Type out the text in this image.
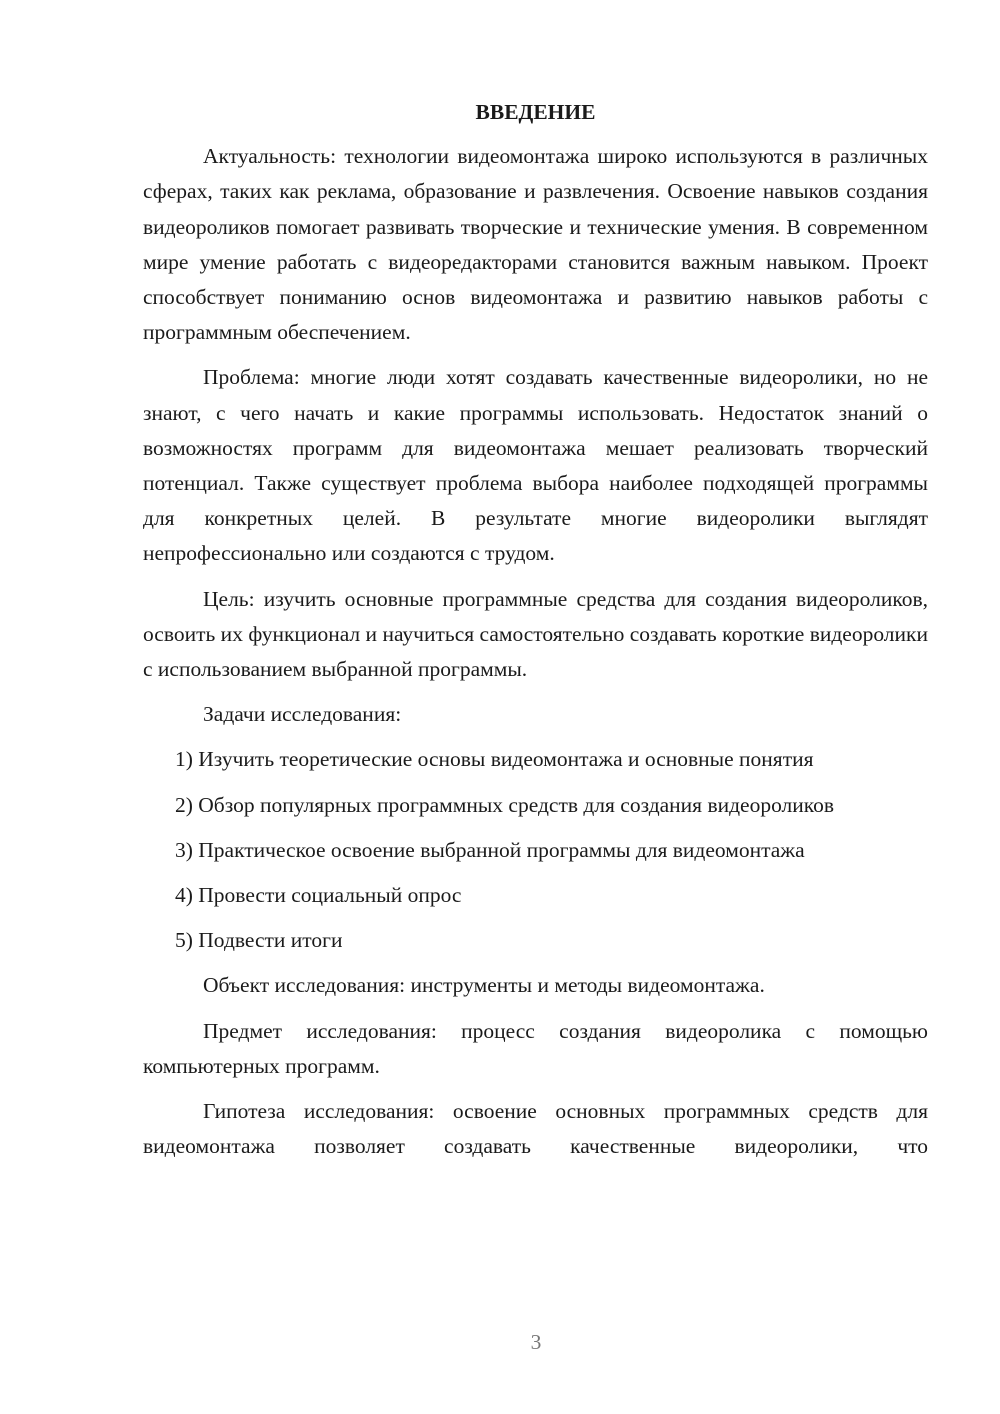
ВВЕДЕНИЕ

Актуальность: технологии видеомонтажа широко используются в различных сферах, таких как реклама, образование и развлечения. Освоение навыков создания видеороликов помогает развивать творческие и технические умения. В современном мире умение работать с видеоредакторами становится важным навыком. Проект способствует пониманию основ видеомонтажа и развитию навыков работы с программным обеспечением.

Проблема: многие люди хотят создавать качественные видеоролики, но не знают, с чего начать и какие программы использовать. Недостаток знаний о возможностях программ для видеомонтажа мешает реализовать творческий потенциал. Также существует проблема выбора наиболее подходящей программы для конкретных целей. В результате многие видеоролики выглядят непрофессионально или создаются с трудом.

Цель: изучить основные программные средства для создания видеороликов, освоить их функционал и научиться самостоятельно создавать короткие видеоролики с использованием выбранной программы.

Задачи исследования:

1) Изучить теоретические основы видеомонтажа и основные понятия

2) Обзор популярных программных средств для создания видеороликов

3) Практическое освоение выбранной программы для видеомонтажа

4) Провести социальный опрос

5) Подвести итоги

Объект исследования: инструменты и методы видеомонтажа.

Предмет исследования: процесс создания видеоролика с помощью компьютерных программ.

Гипотеза исследования: освоение основных программных средств для видеомонтажа позволяет создавать качественные видеоролики, что

3
